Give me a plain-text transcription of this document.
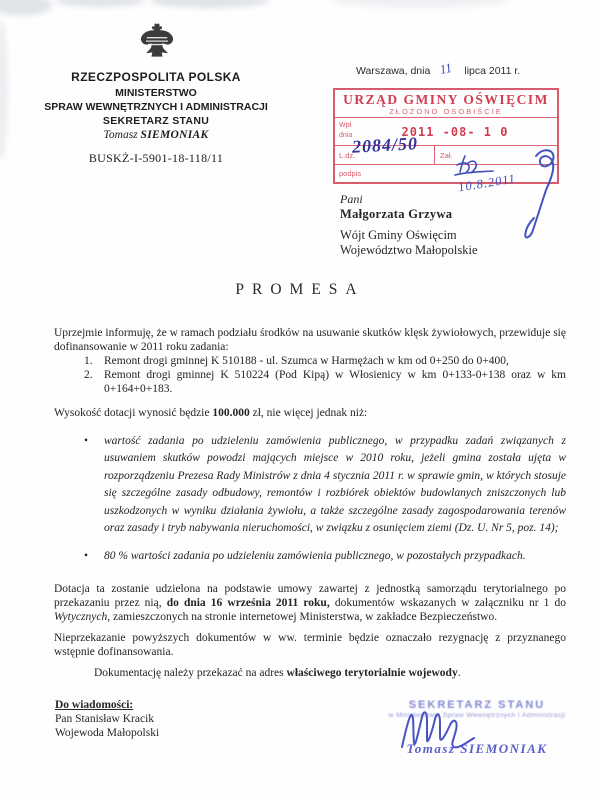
RZECZPOSPOLITA POLSKA
MINISTERSTWO
SPRAW WEWNĘTRZNYCH I ADMINISTRACJI
SEKRETARZ STANU
Tomasz SIEMONIAK
BUSKŻ-I-5901-18-118/11
Warszawa, dnia 11 lipca 2011 r.
URZĄD GMINY OŚWIĘCIM
ZŁOŻONO OSOBIŚCIE
Wpł.
dnia	2011 -08- 1 0
L.dz.	Zał.
podpis
2084/50
10.8.2011
Pani
Małgorzata Grzywa
Wójt Gminy Oświęcim
Województwo Małopolskie
PROMESA

Uprzejmie informuję, że w ramach podziału środków na usuwanie skutków klęsk żywiołowych, przewiduje się dofinansowanie w 2011 roku zadania:

1. Remont drogi gminnej K 510188 - ul. Szumca w Harmężach w km od 0+250 do 0+400,
2. Remont drogi gminnej K 510224 (Pod Kipą) w Włosienicy w km 0+133-0+138 oraz w km 0+164+0+183.

Wysokość dotacji wynosić będzie 100.000 zł, nie więcej jednak niż:

•	wartość zadania po udzieleniu zamówienia publicznego, w przypadku zadań związanych z usuwaniem skutków powodzi mających miejsce w 2010 roku, jeżeli gmina została ujęta w rozporządzeniu Prezesa Rady Ministrów z dnia 4 stycznia 2011 r. w sprawie gmin, w których stosuje się szczególne zasady odbudowy, remontów i rozbiórek obiektów budowlanych zniszczonych lub uszkodzonych w wyniku działania żywiołu, a także szczególne zasady zagospodarowania terenów oraz zasady i tryb nabywania nieruchomości, w związku z osunięciem ziemi (Dz. U. Nr 5, poz. 14);
•	80 % wartości zadania po udzieleniu zamówienia publicznego, w pozostałych przypadkach.

Dotacja ta zostanie udzielona na podstawie umowy zawartej z jednostką samorządu terytorialnego po przekazaniu przez nią, do dnia 16 września 2011 roku, dokumentów wskazanych w załączniku nr 1 do Wytycznych, zamieszczonych na stronie internetowej Ministerstwa, w zakładce Bezpieczeństwo.

Nieprzekazanie powyższych dokumentów w ww. terminie będzie oznaczało rezygnację z przyznanego wstępnie dofinansowania.

Dokumentację należy przekazać na adres właściwego terytorialnie wojewody.

Do wiadomości:
Pan Stanisław Kracik
Wojewoda Małopolski
SEKRETARZ STANU
w Ministerstwie Spraw Wewnętrznych i Administracji
Tomasz SIEMONIAK
